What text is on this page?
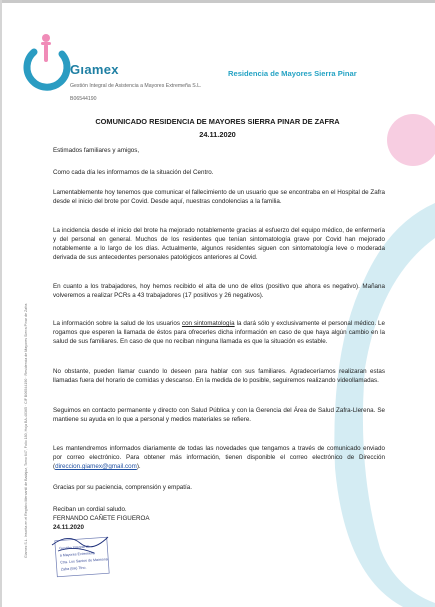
Gıamex
Gestión Integral de Asistencia a Mayores Extremeña S.L.
B06544190
Residencia de Mayores Sierra Pinar
COMUNICADO RESIDENCIA DE MAYORES SIERRA PINAR DE ZAFRA
24.11.2020
Estimados familiares y amigos,
Como cada día les informamos de la situación del Centro.
Lamentablemente hoy tenemos que comunicar el fallecimiento de un usuario que se encontraba en el Hospital de Zafra desde el inicio del brote por Covid. Desde aquí, nuestras condolencias a la familia.
La incidencia desde el inicio del brote ha mejorado notablemente gracias al esfuerzo del equipo médico, de enfermería y del personal en general. Muchos de los residentes que tenían sintomatología grave por Covid han mejorado notablemente a lo largo de los días. Actualmente, algunos residentes siguen con sintomatología leve o moderada derivada de sus antecedentes personales patológicos anteriores al Covid.
En cuanto a los trabajadores, hoy hemos recibido el alta de uno de ellos (positivo que ahora es negativo). Mañana volveremos a realizar PCRs a 43 trabajadores (17 positivos y 26 negativos).
La información sobre la salud de los usuarios con sintomatología la dará sólo y exclusivamente el personal médico. Le rogamos que esperen la llamada de éstos para ofrecerles dicha información en caso de que haya algún cambio en la salud de sus familiares. En caso de que no reciban ninguna llamada es que la situación es estable.
No obstante, pueden llamar cuando lo deseen para hablar con sus familiares. Agradeceríamos realizaran estas llamadas fuera del horario de comidas y descanso. En la medida de lo posible, seguiremos realizando videollamadas.
Seguimos en contacto permanente y directo con Salud Pública y con la Gerencia del Área de Salud Zafra-Llerena. Se mantiene su ayuda en lo que a personal y medios materiales se refiere.
Les mantendremos informados diariamente de todas las novedades que tengamos a través de comunicado enviado por correo electrónico. Para obtener más información, tienen disponible el correo electrónico de Dirección (direccion.giamex@gmail.com).
Gracias por su paciencia, comprensión y empatía.
Reciban un cordial saludo.
FERNANDO CAÑETE FIGUEROA
24.11.2020
Giamex S.L. Inscrita en el Registro Mercantil de Badajoz, Tomo 647, Folio 180, Hoja BA-40365 · CIF B06544190 · Residencia de Mayores Sierra Pinar de Zafra	Gestión Integral de
a Mayores Extremeña
Ctra. Los Santos de Maimona
Zafra (BA) Tfno.
